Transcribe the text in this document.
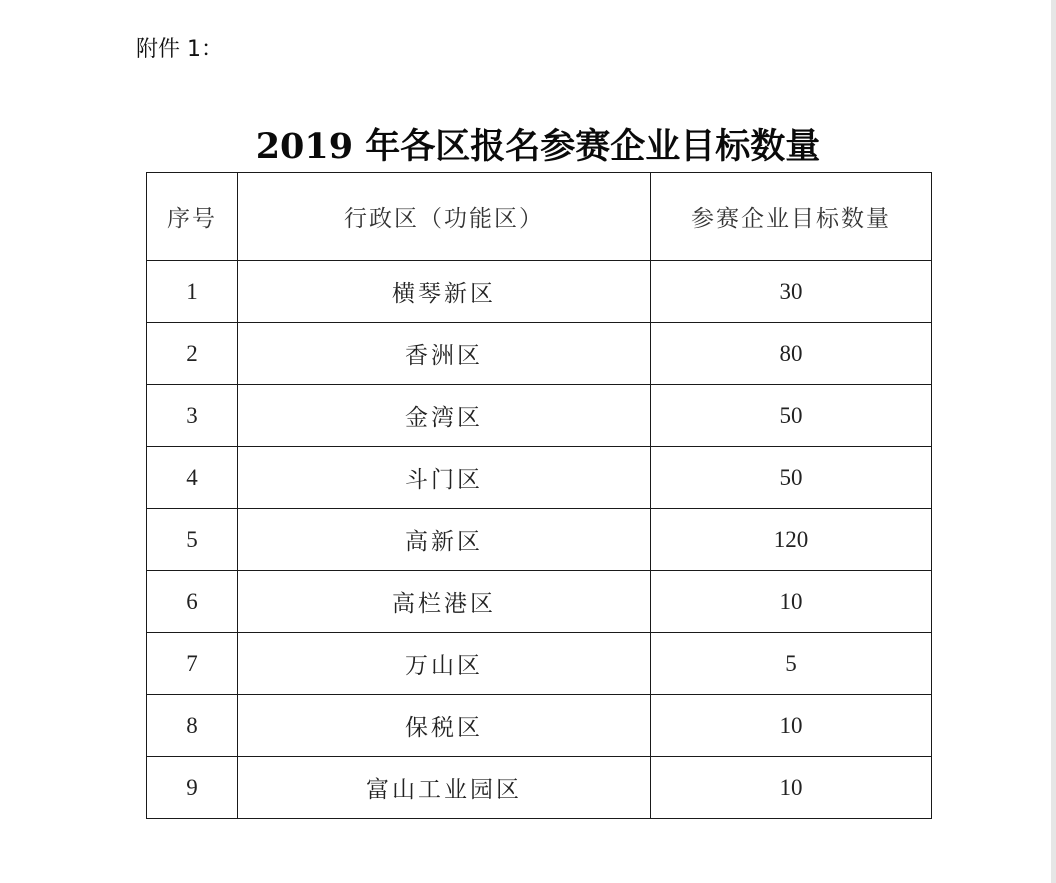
附件 1：
2019 年各区报名参赛企业目标数量
序号	行政区（功能区）	参赛企业目标数量
1	横琴新区	30
2	香洲区	80
3	金湾区	50
4	斗门区	50
5	高新区	120
6	高栏港区	10
7	万山区	5
8	保税区	10
9	富山工业园区	10
